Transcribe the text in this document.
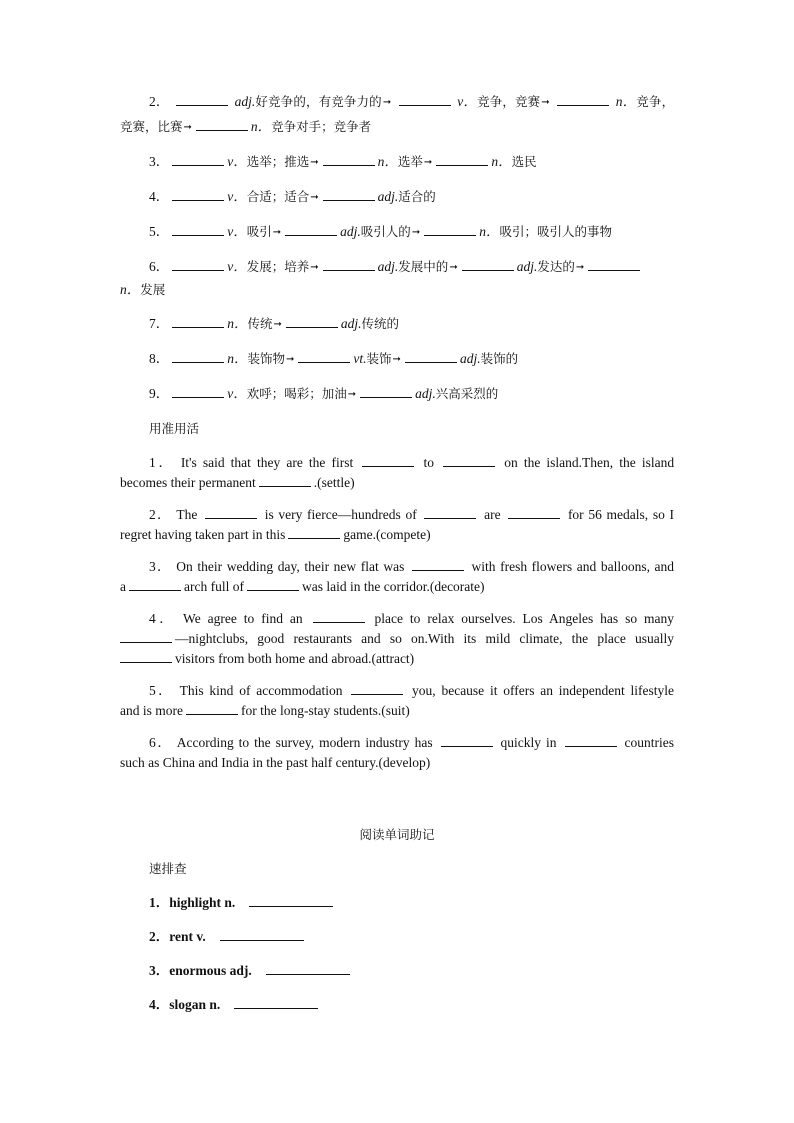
2．	adj.好竞争的，有竞争力的➞	v．竞争，竞赛➞	n．竞争，
竞赛，比赛➞	n．竞争对手；竞争者
3．	v．选举；推选➞	n．选举➞	n．选民
4．	v．合适；适合➞	adj.适合的
5．	v．吸引➞	adj.吸引人的➞	n．吸引；吸引人的事物
6．	v．发展；培养➞	adj.发展中的➞	adj.发达的➞
n．发展
7．	n．传统➞	adj.传统的
8．	n．装饰物➞	vt.装饰➞	adj.装饰的
9．	v．欢呼；喝彩；加油➞	adj.兴高采烈的
用准用活
1． It's said that they are the first	to	on the island.Then, the island
becomes their permanent	.(settle)
2． The	is very fierce—hundreds of	are	for 56 medals, so I
regret having taken part in this	game.(compete)
3． On their wedding day, their new flat was	with fresh flowers and balloons, and
a	arch full of	was laid in the corridor.(decorate)
4． We agree to find an	place to relax ourselves. Los Angeles has so many
—nightclubs, good restaurants and so on.With its mild climate, the place usually
visitors from both home and abroad.(attract)
5． This kind of accommodation	you, because it offers an independent lifestyle
and is more	for the long-stay students.(suit)
6． According to the survey, modern industry has	quickly in	countries
such as China and India in the past half century.(develop)
阅读单词助记
速排查
1．highlight n.
2．rent v.
3．enormous adj.
4．slogan n.
